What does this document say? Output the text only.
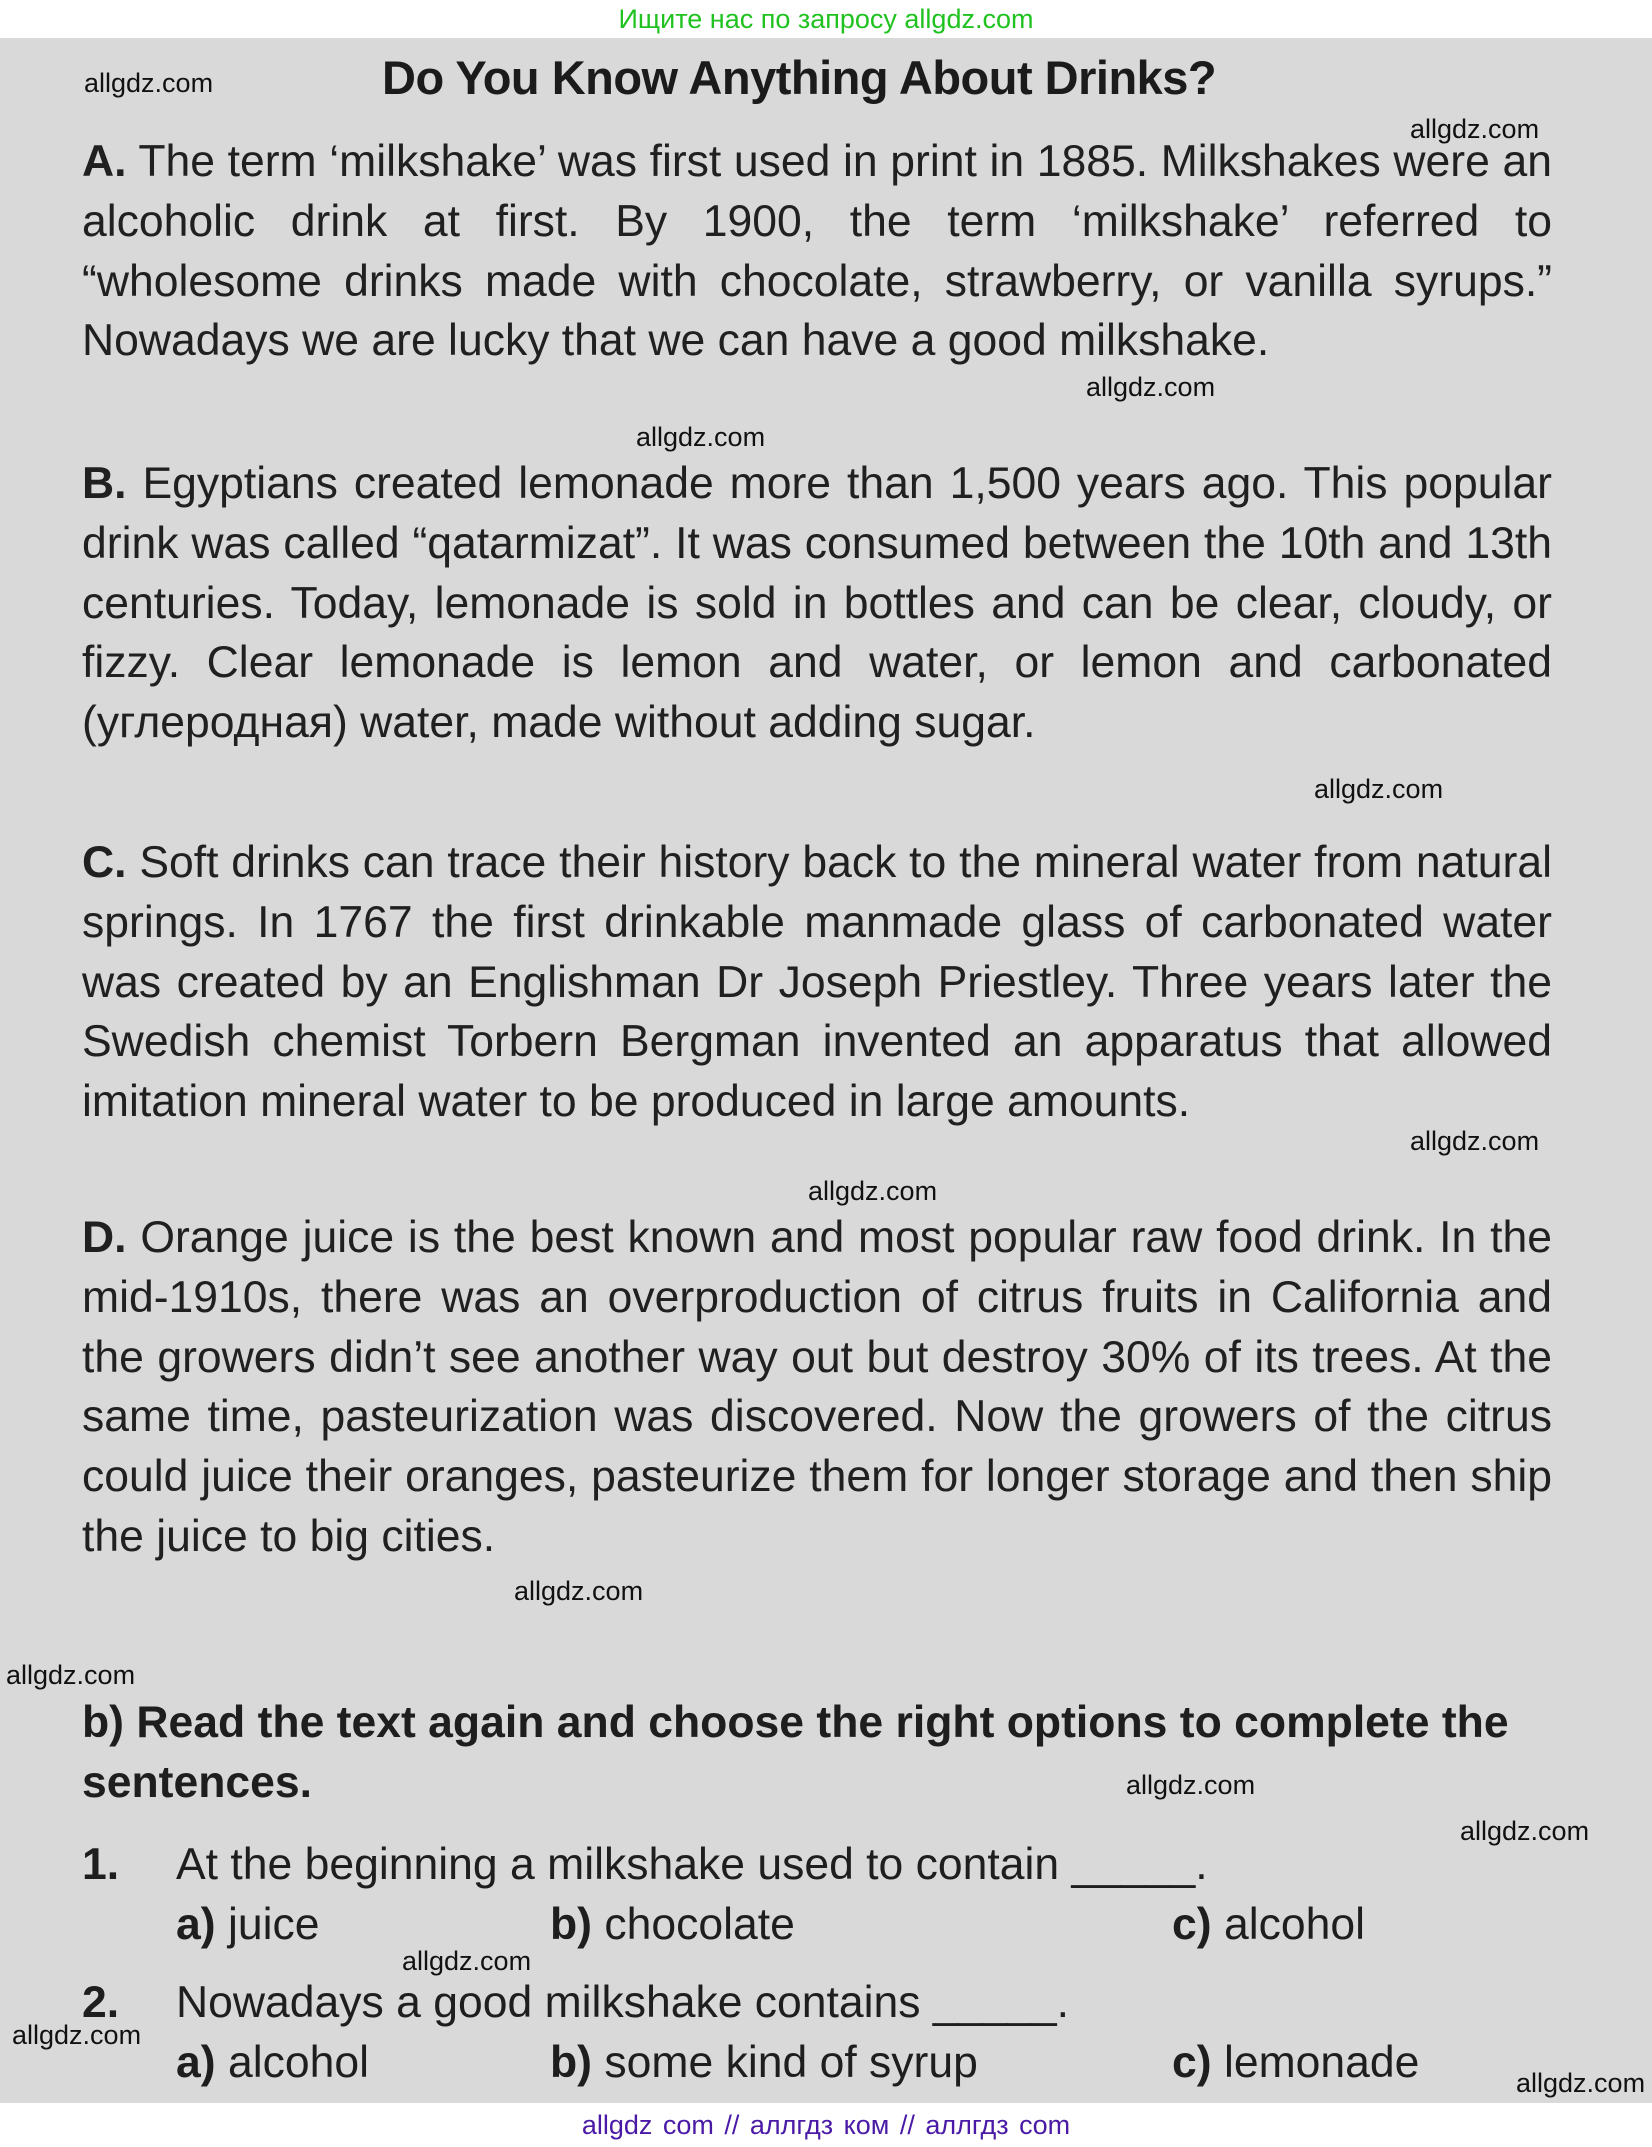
Ищите нас по запросу allgdz.com

Do You Know Anything About Drinks?

A. The term ‘milkshake’ was first used in print in 1885. Milkshakes were an alcoholic drink at first. By 1900, the term ‘milkshake’ referred to “wholesome drinks made with chocolate, strawberry, or vanilla syrups.” Nowadays we are lucky that we can have a good milkshake.

B. Egyptians created lemonade more than 1,500 years ago. This popular drink was called “qatarmizat”. It was consumed between the 10th and 13th centuries. Today, lemonade is sold in bottles and can be clear, cloudy, or fizzy. Clear lemonade is lemon and water, or lemon and carbonated (углеродная) water, made without adding sugar.

C. Soft drinks can trace their history back to the mineral water from natural springs. In 1767 the first drinkable manmade glass of carbonated water was created by an Englishman Dr Joseph Priestley. Three years later the Swedish chemist Torbern Bergman invented an apparatus that allowed imitation mineral water to be produced in large amounts.

D. Orange juice is the best known and most popular raw food drink. In the mid-1910s, there was an overproduction of citrus fruits in California and the growers didn’t see another way out but destroy 30% of its trees. At the same time, pasteurization was discovered. Now the growers of the citrus could juice their oranges, pasteurize them for longer storage and then ship the juice to big cities.

b) Read the text again and choose the right options to complete the sentences.

1. At the beginning a milkshake used to contain _____.
a) juice	b) chocolate	c) alcohol
2. Nowadays a good milkshake contains _____.
a) alcohol	b) some kind of syrup	c) lemonade
allgdz.com
allgdz.com
allgdz.com
allgdz.com
allgdz.com
allgdz.com
allgdz.com
allgdz.com
allgdz.com
allgdz.com
allgdz.com
allgdz.com
allgdz.com
allgdz.com
allgdz com // аллгдз ком // аллгдз com
